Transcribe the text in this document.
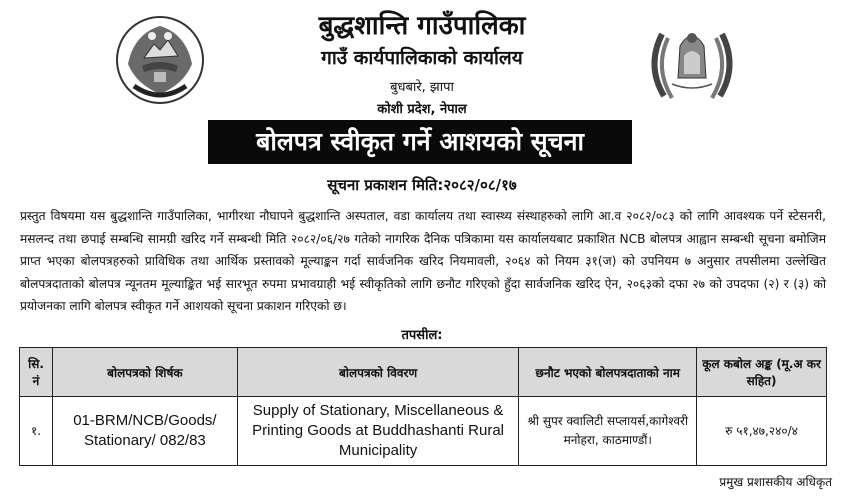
बुद्धशान्ति गाउँपालिका
गाउँ कार्यपालिकाको कार्यालय
बुधबारे, झापा
कोशी प्रदेश, नेपाल
बोलपत्र स्वीकृत गर्ने आशयको सूचना
सूचना प्रकाशन मिति:२०८२/०८/१७
प्रस्तुत विषयमा यस बुद्धशान्ति गाउँपालिका, भागीरथा नौघापने बुद्धशान्ति अस्पताल, वडा कार्यालय तथा स्वास्थ्य संस्थाहरुको लागि आ.व २०८२/०८३ को लागि आवश्यक पर्ने स्टेसनरी, मसलन्द तथा छपाई सम्बन्धि सामग्री खरिद गर्ने सम्बन्धी मिति २०८२/०६/२७ गतेको नागरिक दैनिक पत्रिकामा यस कार्यालयबाट प्रकाशित NCB बोलपत्र आह्वान सम्बन्धी सूचना बमोजिम प्राप्त भएका बोलपत्रहरुको प्राविधिक तथा आर्थिक प्रस्तावको मूल्याङ्कन गर्दा सार्वजनिक खरिद नियमावली, २०६४ को नियम ३१(ज) को उपनियम ७ अनुसार तपसीलमा उल्लेखित बोलपत्रदाताको बोलपत्र न्यूनतम मूल्याङ्कित भई सारभूत रुपमा प्रभावग्राही भई स्वीकृतिको लागि छनौट गरिएको हुँदा सार्वजनिक खरिद ऐन, २०६३को दफा २७ को उपदफा (२) र (३) को प्रयोजनका लागि बोलपत्र स्वीकृत गर्ने आशयको सूचना प्रकाशन गरिएको छ।
तपसील:
सि. नं	बोलपत्रको शिर्षक	बोलपत्रको विवरण	छनौट भएको बोलपत्रदाताको नाम	कूल कबोल अङ्क (मू.अ कर सहित)
१.	01-BRM/NCB/Goods/ Stationary/ 082/83	Supply of Stationary, Miscellaneous & Printing Goods at Buddhashanti Rural Municipality	श्री सुपर क्वालिटी सप्लायर्स,कागेश्वरी मनोहरा, काठमाण्डौं।	रु ५१,४७,२४०/४
प्रमुख प्रशासकीय अधिकृत
